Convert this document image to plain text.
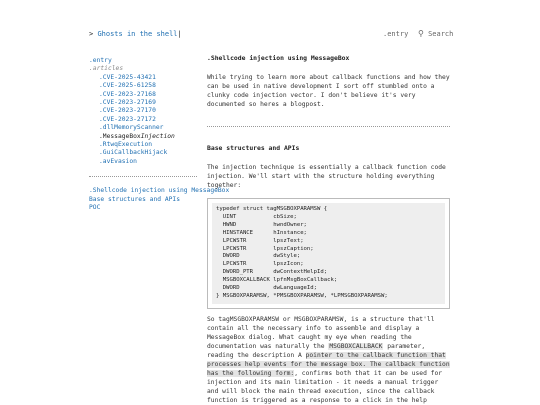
> Ghosts in the shell|	.entry ⚲ Search
.entry
.articles
.CVE-2025-43421
.CVE-2025-61258
.CVE-2023-27168
.CVE-2023-27169
.CVE-2023-27170
.CVE-2023-27172
.dllMemoryScanner
.MessageBoxInjection
.RtwqExecution
.GuiCallbackHijack
.avEvasion
.Shellcode injection using MessageBox
Base structures and APIs
POC
.Shellcode injection using MessageBox

While trying to learn more about callback functions and how they can be used in native development I sort off stumbled onto a clunky code injection vector. I don't believe it's very documented so heres a blogpost.

Base structures and APIs

The injection technique is essentially a callback function code injection. We'll start with the structure holding everything together:

typedef struct tagMSGBOXPARAMSW {
UINT           cbSize;
HWND           hwndOwner;
HINSTANCE      hInstance;
LPCWSTR        lpszText;
LPCWSTR        lpszCaption;
DWORD          dwStyle;
LPCWSTR        lpszIcon;
DWORD_PTR      dwContextHelpId;
MSGBOXCALLBACK lpfnMsgBoxCallback;
DWORD          dwLanguageId;
} MSGBOXPARAMSW, *PMSGBOXPARAMSW, *LPMSGBOXPARAMSW;

So tagMSGBOXPARAMSW or MSGBOXPARAMSW, is a structure that'll contain all the necessary info to assemble and display a MessageBox dialog. What caught my eye when reading the documentation was naturally the MSGBOXCALLBACK parameter, reading the description A pointer to the callback function that processes help events for the message box. The callback function has the following form:, confirms both that it can be used for injection and its main limitation - it needs a manual trigger and will block the main thread execution, since the callback function is triggered as a response to a click in the help
